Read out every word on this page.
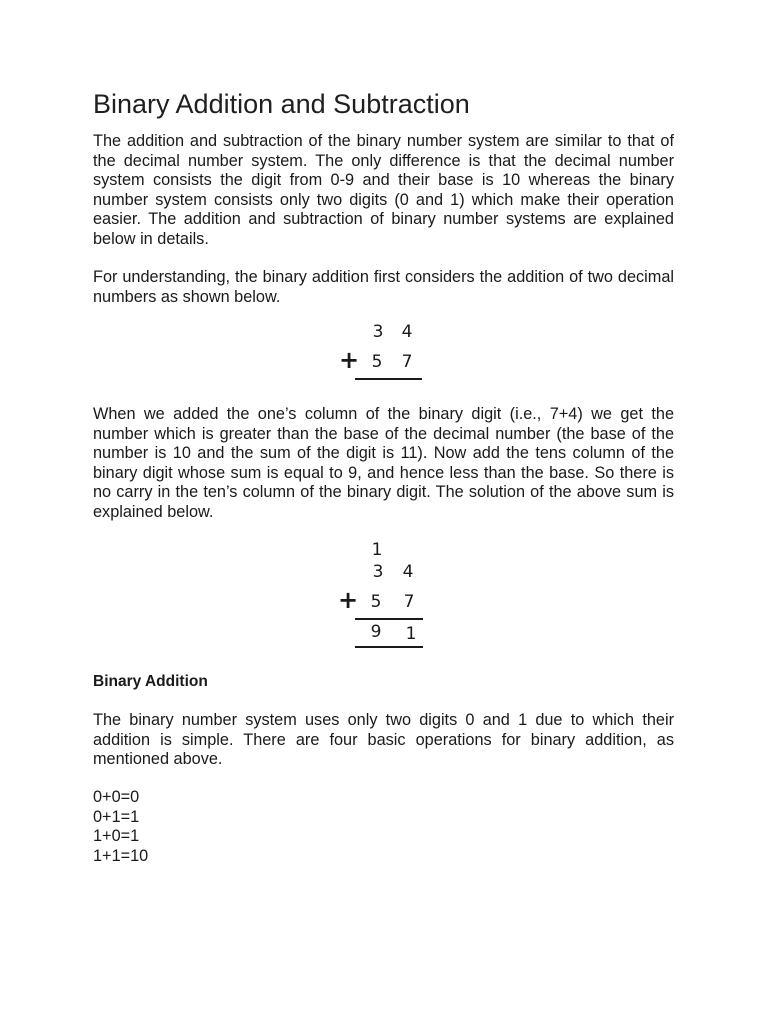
Binary Addition and Subtraction

The addition and subtraction of the binary number system are similar to that of the decimal number system. The only difference is that the decimal number system consists the digit from 0-9 and their base is 10 whereas the binary number system consists only two digits (0 and 1) which make their operation easier. The addition and subtraction of binary number systems are explained below in details.

For understanding, the binary addition first considers the addition of two decimal numbers as shown below.

3 4
+ 5 7

When we added the one’s column of the binary digit (i.e., 7+4) we get the number which is greater than the base of the decimal number (the base of the number is 10 and the sum of the digit is 11). Now add the tens column of the binary digit whose sum is equal to 9, and hence less than the base. So there is no carry in the ten’s column of the binary digit. The solution of the above sum is explained below.

1
3 4
+ 5 7
9 1
Binary Addition

The binary number system uses only two digits 0 and 1 due to which their addition is simple. There are four basic operations for binary addition, as mentioned above.

0+0=0
0+1=1
1+0=1
1+1=10
